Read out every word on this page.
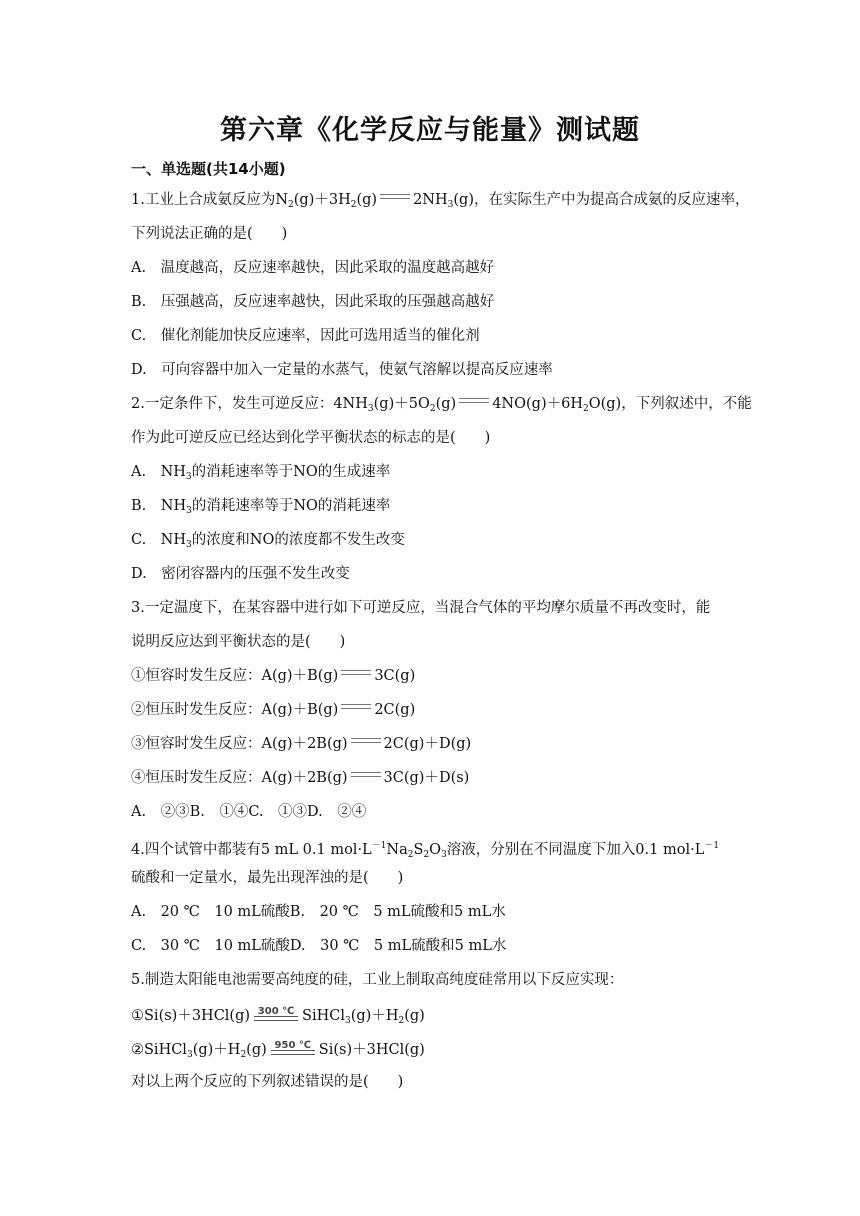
第六章《化学反应与能量》测试题
一、单选题(共14小题)
1.工业上合成氨反应为$N_2(g)+3H_2(g)$ $2NH_3(g)$，在实际生产中为提高合成氨的反应速率，
下列说法正确的是(　　)
A.　温度越高，反应速率越快，因此采取的温度越高越好
B.　压强越高，反应速率越快，因此采取的压强越高越好
C.　催化剂能加快反应速率，因此可选用适当的催化剂
D.　可向容器中加入一定量的水蒸气，使氨气溶解以提高反应速率
2.一定条件下，发生可逆反应：$4NH_3(g)+5O_2(g)$ $4NO(g)+6H_2O(g)$，下列叙述中，不能
作为此可逆反应已经达到化学平衡状态的标志的是(　　)
A.　$NH_3$的消耗速率等于NO的生成速率
B.　$NH_3$的消耗速率等于NO的消耗速率
C.　$NH_3$的浓度和NO的浓度都不发生改变
D.　密闭容器内的压强不发生改变
3.一定温度下，在某容器中进行如下可逆反应，当混合气体的平均摩尔质量不再改变时，能
说明反应达到平衡状态的是(　　)
①恒容时发生反应：A(g)＋B(g) 3C(g)
②恒压时发生反应：A(g)＋B(g) 2C(g)
③恒容时发生反应：A(g)＋2B(g) 2C(g)＋D(g)
④恒压时发生反应：A(g)＋2B(g) 3C(g)＋D(s)
A.　②③B.　①④C.　①③D.　②④
4.四个试管中都装有5 mL 0.1 $mol\cdot L^{-1}Na_2S_2O_3$溶液，分别在不同温度下加入0.1 $mol\cdot L^{-1}$
硫酸和一定量水，最先出现浑浊的是(　　)
A.　20 ℃　10 mL硫酸B.　20 ℃　5 mL硫酸和5 mL水
C.　30 ℃　10 mL硫酸D.　30 ℃　5 mL硫酸和5 mL水
5.制造太阳能电池需要高纯度的硅，工业上制取高纯度硅常用以下反应实现：
①Si(s)＋3HCl(g) 300 ℃ $SiHCl_3(g)+H_2(g)$
$②SiHCl_3(g)+H_2(g)$ 950 ℃ Si(s)＋3HCl(g)
对以上两个反应的下列叙述错误的是(　　)
